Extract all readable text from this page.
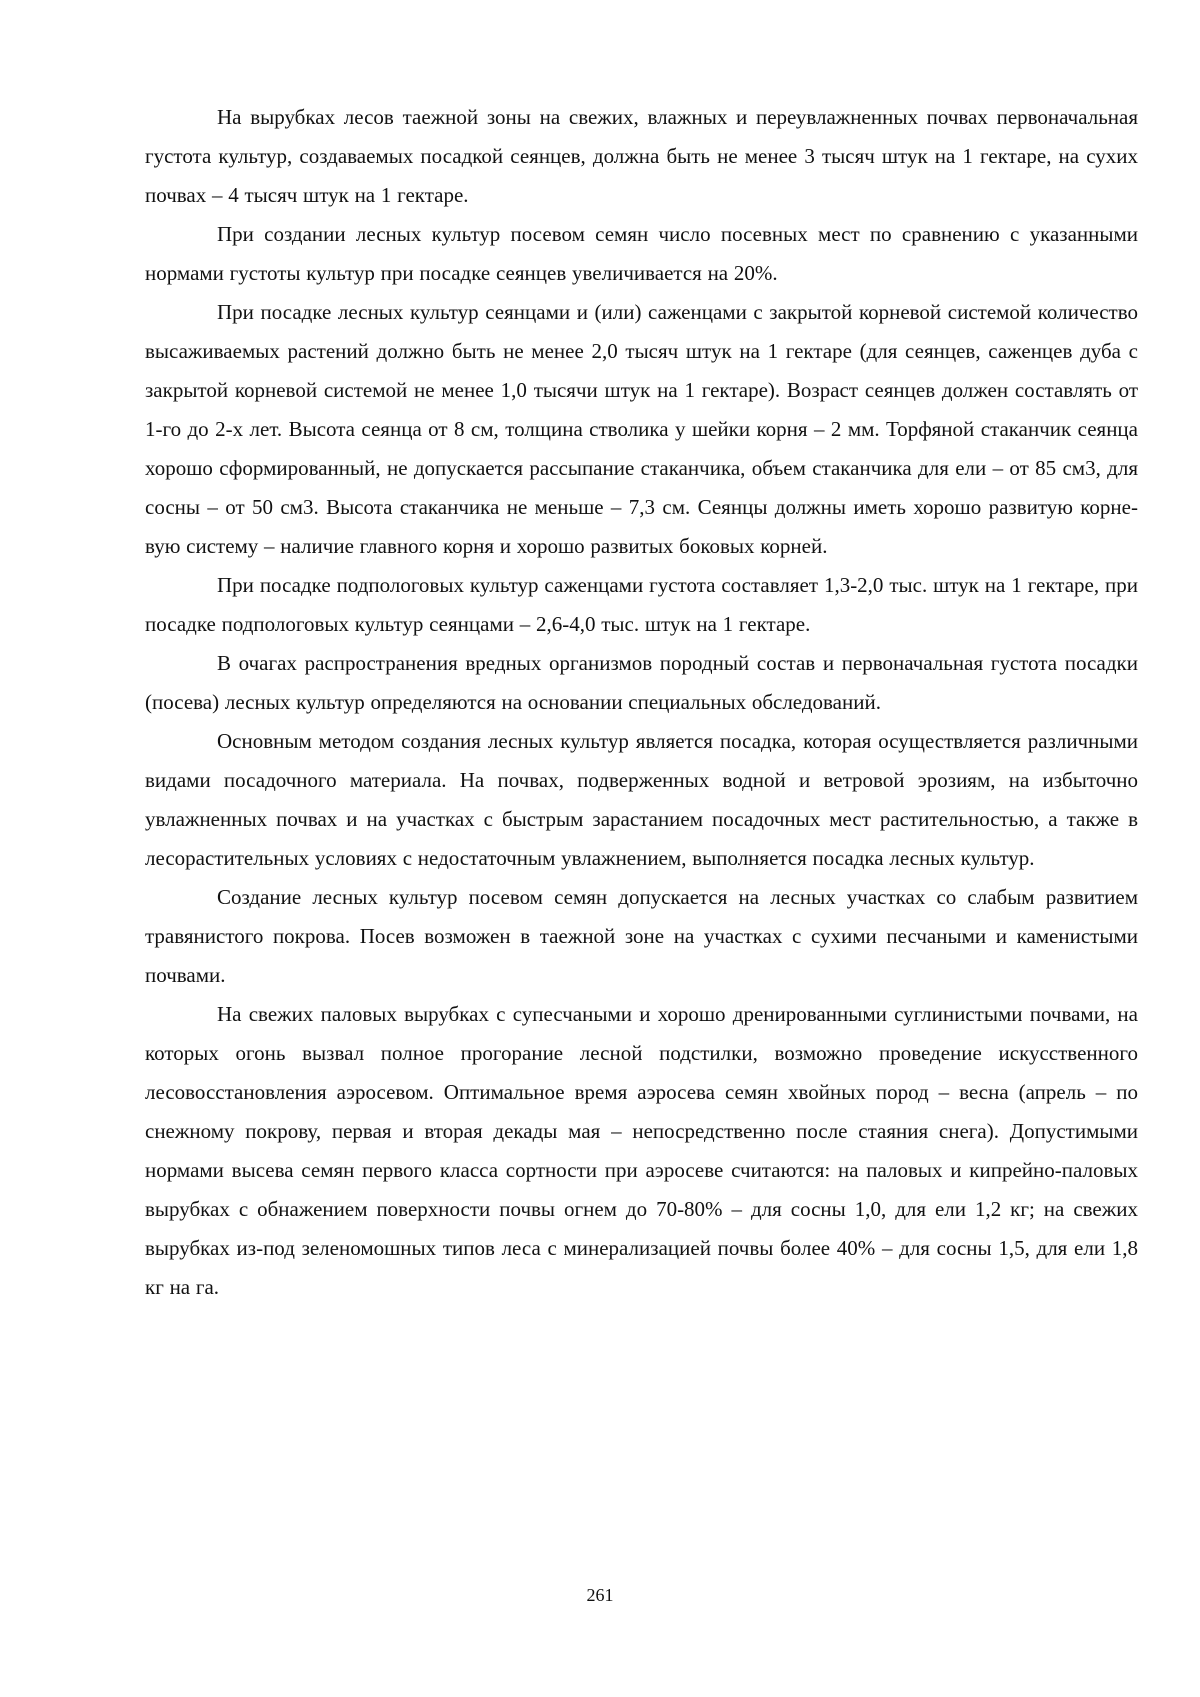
На вырубках лесов таежной зоны на свежих, влажных и переувлажненных почвах первоначальная густота культур, создаваемых посадкой сеянцев, должна быть не менее 3 тысяч штук на 1 гектаре, на сухих почвах – 4 тысяч штук на 1 гектаре.

При создании лесных культур посевом семян число посевных мест по сравнению с указанными нормами густоты культур при посадке сеянцев увеличивается на 20%.

При посадке лесных культур сеянцами и (или) саженцами с закрытой корневой системой количество высаживаемых растений должно быть не менее 2,0 тысяч штук на 1 гектаре (для сеянцев, саженцев дуба с закрытой корневой системой не менее 1,0 тысячи штук на 1 гектаре). Возраст сеянцев должен составлять от 1-го до 2-х лет. Высота сеянца от 8 см, толщина стволика у шейки корня – 2 мм. Торфяной стаканчик сеянца хорошо сформированный, не допускается рассыпание стаканчика, объем стаканчика для ели – от 85 см3, для сосны – от 50 см3. Высота стаканчика не меньше – 7,3 см. Сеянцы должны иметь хорошо развитую корневую систему – наличие главного корня и хорошо развитых боковых корней.

При посадке подпологовых культур саженцами густота составляет 1,3-2,0 тыс. штук на 1 гектаре, при посадке подпологовых культур сеянцами – 2,6-4,0 тыс. штук на 1 гектаре.

В очагах распространения вредных организмов породный состав и первоначальная густота посадки (посева) лесных культур определяются на основании специальных обследований.

Основным методом создания лесных культур является посадка, которая осуществляется различными видами посадочного материала. На почвах, подверженных водной и ветровой эрозиям, на избыточно увлажненных почвах и на участках с быстрым зарастанием посадочных мест растительностью, а также в лесорастительных условиях с недостаточным увлажнением, выполняется посадка лесных культур.

Создание лесных культур посевом семян допускается на лесных участках со слабым развитием травянистого покрова. Посев возможен в таежной зоне на участках с сухими песчаными и каменистыми почвами.

На свежих паловых вырубках с супесчаными и хорошо дренированными суглинистыми почвами, на которых огонь вызвал полное прогорание лесной подстилки, возможно проведение искусственного лесовосстановления аэросевом. Оптимальное время аэросева семян хвойных пород – весна (апрель – по снежному покрову, первая и вторая декады мая – непосредственно после стаяния снега). Допустимыми нормами высева семян первого класса сортности при аэросеве считаются: на паловых и кипрейно-паловых вырубках с обнажением поверхности почвы огнем до 70-80% – для сосны 1,0, для ели 1,2 кг; на свежих вырубках из-под зеленомошных типов леса с минерализацией почвы более 40% – для сосны 1,5, для ели 1,8 кг на га.

261
